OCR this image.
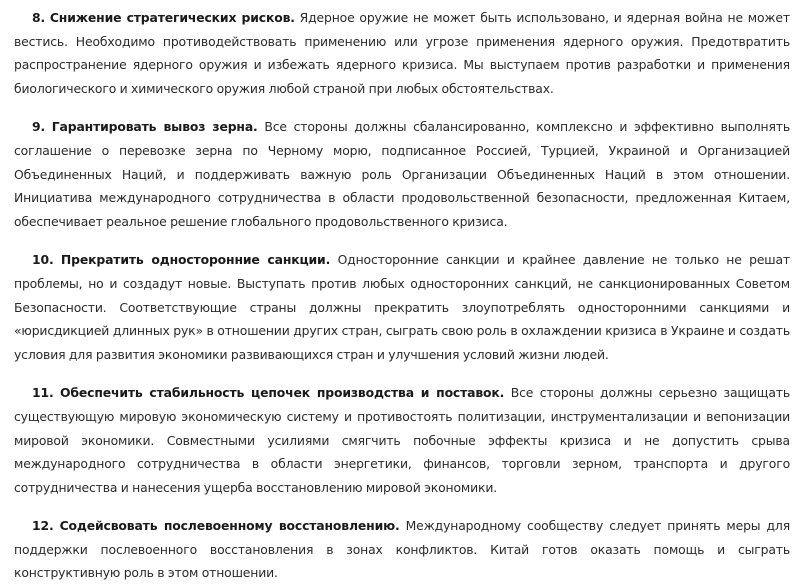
8. Снижение стратегических рисков. Ядерное оружие не может быть использовано, и ядерная война не может вестись. Необходимо противодействовать применению или угрозе применения ядерного оружия. Предотвратить распространение ядерного оружия и избежать ядерного кризиса. Мы выступаем против разработки и применения биологического и химического оружия любой страной при любых обстоятельствах.

9. Гарантировать вывоз зерна. Все стороны должны сбалансированно, комплексно и эффективно выполнять соглашение о перевозке зерна по Черному морю, подписанное Россией, Турцией, Украиной и Организацией Объединенных Наций, и поддерживать важную роль Организации Объединенных Наций в этом отношении. Инициатива международного сотрудничества в области продовольственной безопасности, предложенная Китаем, обеспечивает реальное решение глобального продовольственного кризиса.

10. Прекратить односторонние санкции. Односторонние санкции и крайнее давление не только не решат проблемы, но и создадут новые. Выступать против любых односторонних санкций, не санкционированных Советом Безопасности. Соответствующие страны должны прекратить злоупотреблять односторонними санкциями и «юрисдикцией длинных рук» в отношении других стран, сыграть свою роль в охлаждении кризиса в Украине и создать условия для развития экономики развивающихся стран и улучшения условий жизни людей.

11. Обеспечить стабильность цепочек производства и поставок. Все стороны должны серьезно защищать существующую мировую экономическую систему и противостоять политизации, инструментализации и вепонизации мировой экономики. Совместными усилиями смягчить побочные эффекты кризиса и не допустить срыва международного сотрудничества в области энергетики, финансов, торговли зерном, транспорта и другого сотрудничества и нанесения ущерба восстановлению мировой экономики.

12. Содейсвовать послевоенному восстановлению. Международному сообществу следует принять меры для поддержки послевоенного восстановления в зонах конфликтов. Китай готов оказать помощь и сыграть конструктивную роль в этом отношении.
